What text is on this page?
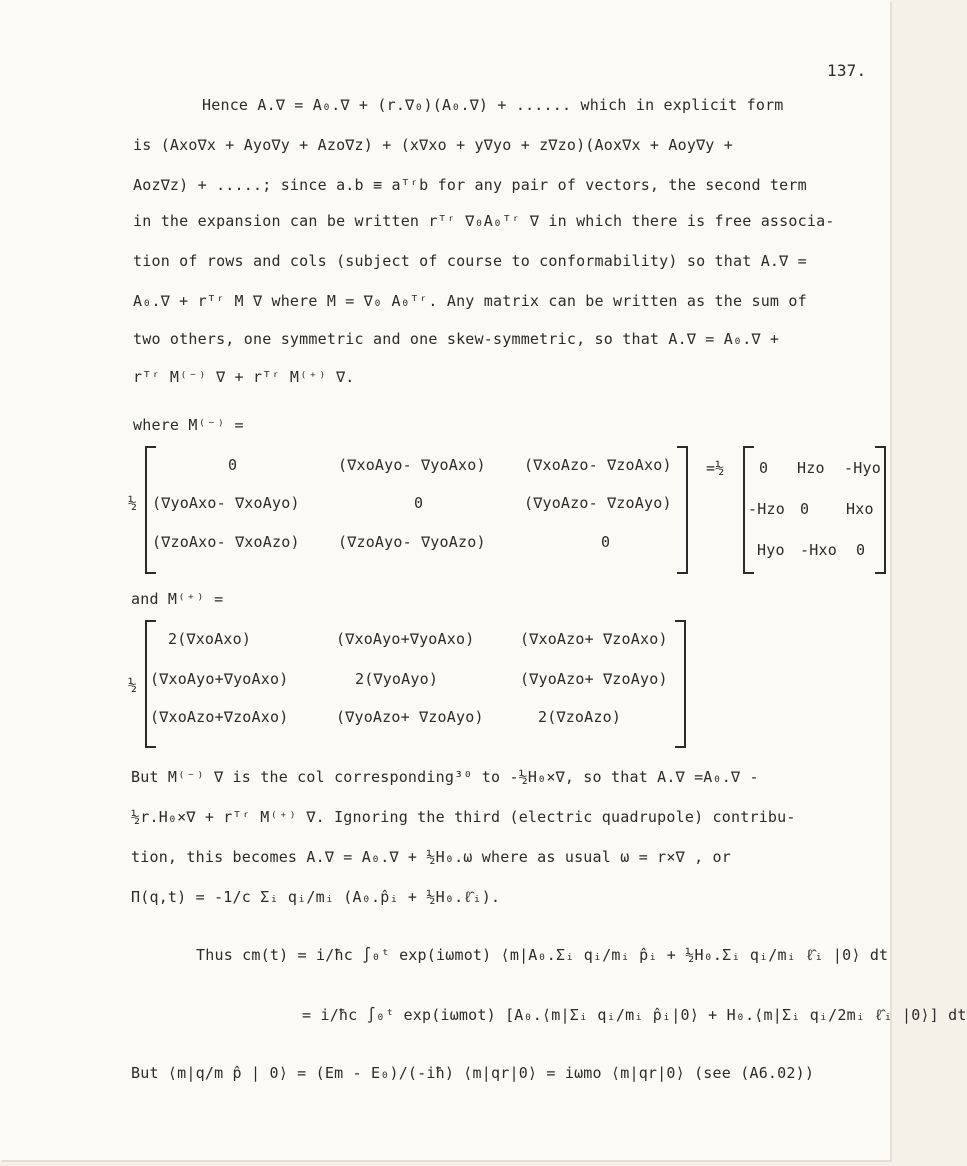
137.
Hence A.∇ = A₀.∇ + (r.∇₀)(A₀.∇) + ...... which in explicit form
is (Axo∇x + Ayo∇y + Azo∇z) + (x∇xo + y∇yo + z∇zo)(Aox∇x + Aoy∇y +
Aoz∇z) + .....; since a.b ≡ aᵀʳb for any pair of vectors, the second term
in the expansion can be written rᵀʳ ∇₀A₀ᵀʳ ∇ in which there is free associa-
tion of rows and cols (subject of course to conformability) so that A.∇ =
A₀.∇ + rᵀʳ M ∇ where M = ∇₀ A₀ᵀʳ. Any matrix can be written as the sum of
two others, one symmetric and one skew-symmetric, so that A.∇ = A₀.∇ +
rᵀʳ M⁽⁻⁾ ∇ + rᵀʳ M⁽⁺⁾ ∇.
where M⁽⁻⁾ =
½
0	(∇xoAyo- ∇yoAxo)	(∇xoAzo- ∇zoAxo)
(∇yoAxo- ∇xoAyo)	0	(∇yoAzo- ∇zoAyo)
(∇zoAxo- ∇xoAzo)	(∇zoAyo- ∇yoAzo)	0
=½ 0 Hzo -Hyo
-Hzo 0 Hxo
Hyo -Hxo 0
and M⁽⁺⁾ =
½
2(∇xoAxo)	(∇xoAyo+∇yoAxo)	(∇xoAzo+ ∇zoAxo)
(∇xoAyo+∇yoAxo)	2(∇yoAyo)	(∇yoAzo+ ∇zoAyo)
(∇xoAzo+∇zoAxo)	(∇yoAzo+ ∇zoAyo)	2(∇zoAzo)
But M⁽⁻⁾ ∇ is the col corresponding³⁰ to -½H₀×∇, so that A.∇ =A₀.∇ -
½r.H₀×∇ + rᵀʳ M⁽⁺⁾ ∇. Ignoring the third (electric quadrupole) contribu-
tion, this becomes A.∇ = A₀.∇ + ½H₀.ω where as usual ω = r×∇ , or
Π(q,t) = -1/c Σᵢ qᵢ/mᵢ (A₀.p̂ᵢ + ½H₀.ℓ̂ᵢ).
Thus cm(t) = i/ħc ∫₀ᵗ exp(iωmot) ⟨m|A₀.Σᵢ qᵢ/mᵢ p̂ᵢ + ½H₀.Σᵢ qᵢ/mᵢ ℓ̂ᵢ |0⟩ dt
= i/ħc ∫₀ᵗ exp(iωmot) [A₀.⟨m|Σᵢ qᵢ/mᵢ p̂ᵢ|0⟩ + H₀.⟨m|Σᵢ qᵢ/2mᵢ ℓ̂ᵢ |0⟩] dt
But ⟨m|q/m p̂ | 0⟩ = (Em - E₀)/(-iħ) ⟨m|qr|0⟩ = iωmo ⟨m|qr|0⟩ (see (A6.02))
